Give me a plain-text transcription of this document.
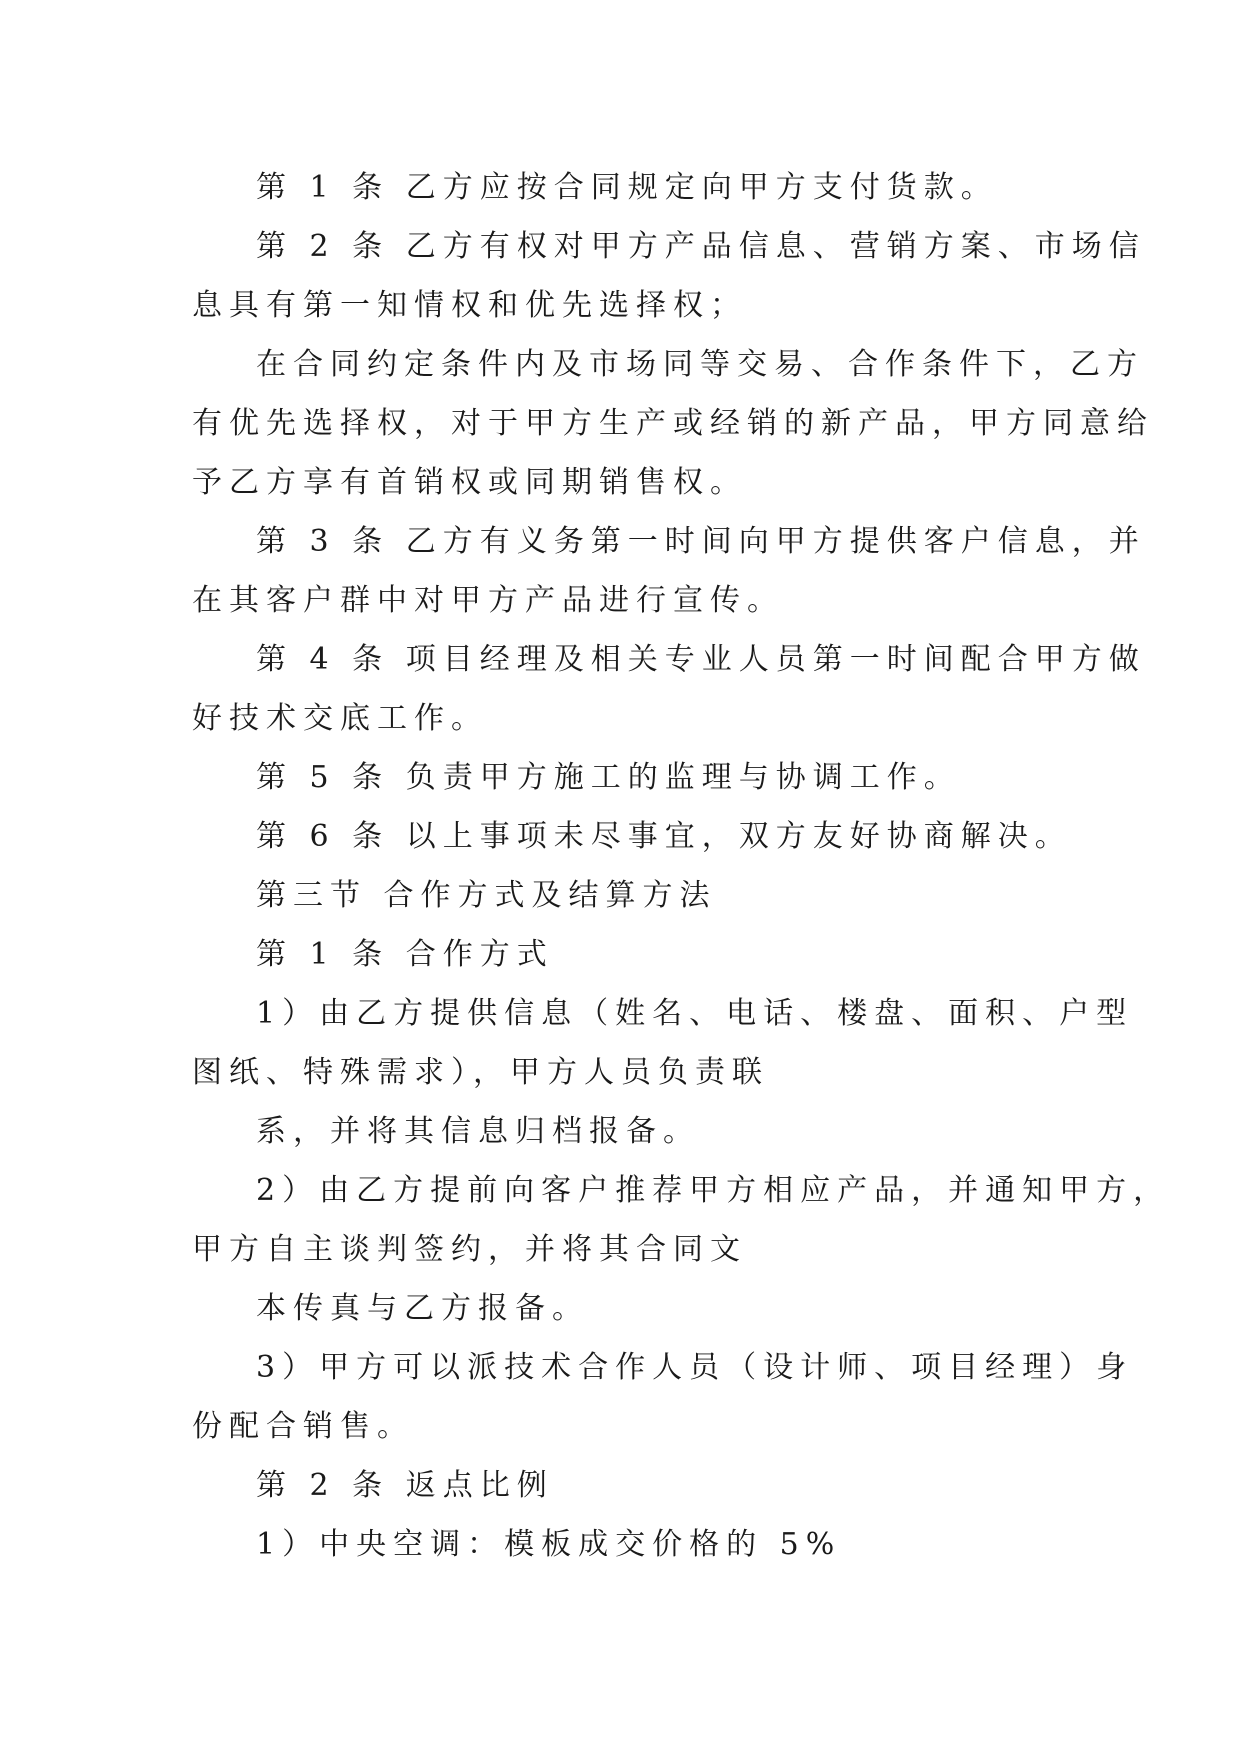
第 1 条 乙方应按合同规定向甲方支付货款。
第 2 条 乙方有权对甲方产品信息、营销方案、市场信
息具有第一知情权和优先选择权；
在合同约定条件内及市场同等交易、合作条件下，乙方
有优先选择权，对于甲方生产或经销的新产品，甲方同意给
予乙方享有首销权或同期销售权。
第 3 条 乙方有义务第一时间向甲方提供客户信息，并
在其客户群中对甲方产品进行宣传。
第 4 条 项目经理及相关专业人员第一时间配合甲方做
好技术交底工作。
第 5 条 负责甲方施工的监理与协调工作。
第 6 条 以上事项未尽事宜，双方友好协商解决。
第三节 合作方式及结算方法
第 1 条 合作方式
1）由乙方提供信息（姓名、电话、楼盘、面积、户型
图纸、特殊需求），甲方人员负责联
系，并将其信息归档报备。
2）由乙方提前向客户推荐甲方相应产品，并通知甲方，
甲方自主谈判签约，并将其合同文
本传真与乙方报备。
3）甲方可以派技术合作人员（设计师、项目经理）身
份配合销售。
第 2 条 返点比例
1）中央空调：模板成交价格的 5%
